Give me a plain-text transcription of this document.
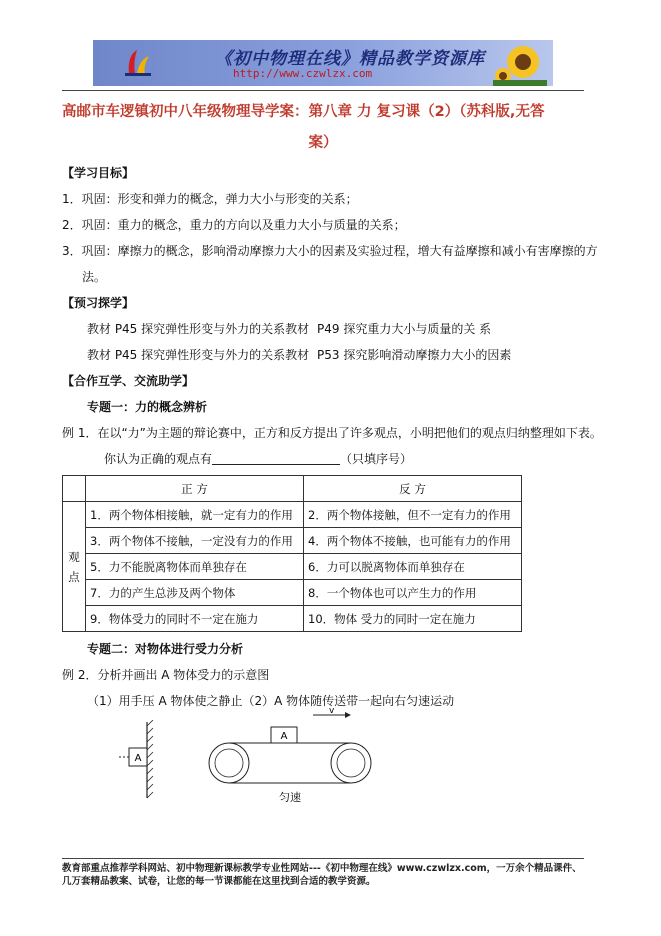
《初中物理在线》精品教学资源库
http://www.czwlzx.com
高邮市车逻镇初中八年级物理导学案：第八章 力 复习课（2）（苏科版,无答
案）
【学习目标】
1．巩固：形变和弹力的概念，弹力大小与形变的关系；
2．巩固：重力的概念，重力的方向以及重力大小与质量的关系；
3．巩固：摩擦力的概念，影响滑动摩擦力大小的因素及实验过程，增大有益摩擦和减小有害摩擦的方
法。
【预习探学】
教材 P45 探究弹性形变与外力的关系教材 P49 探究重力大小与质量的关 系
教材 P45 探究弹性形变与外力的关系教材 P53 探究影响滑动摩擦力大小的因素
【合作互学、交流助学】
专题一：力的概念辨析
例 1．在以“力”为主题的辩论赛中，正方和反方提出了许多观点，小明把他们的观点归纳整理如下表。
你认为正确的观点有	（只填序号）
	正 方	反 方
观点	1．两个物体相接触，就一定有力的作用	2．两个物体接触，但不一定有力的作用
	3．两个物体不接触，一定没有力的作用	4．两个物体不接触，也可能有力的作用
	5．力不能脱离物体而单独存在	6．力可以脱离物体而单独存在
	7．力的产生总涉及两个物体	8．一个物体也可以产生力的作用
	9．物体受力的同时不一定在施力	10．物体 受力的同时一定在施力
专题二：对物体进行受力分析
例 2．分析并画出 A 物体受力的示意图
（1）用手压 A 物体使之静止（2）A 物体随传送带一起向右匀速运动
A
v
A
匀速
教育部重点推荐学科网站、初中物理新课标教学专业性网站---《初中物理在线》www.czwlzx.com，一万余个精品课件、
几万套精品教案、试卷，让您的每一节课都能在这里找到合适的教学资源。
